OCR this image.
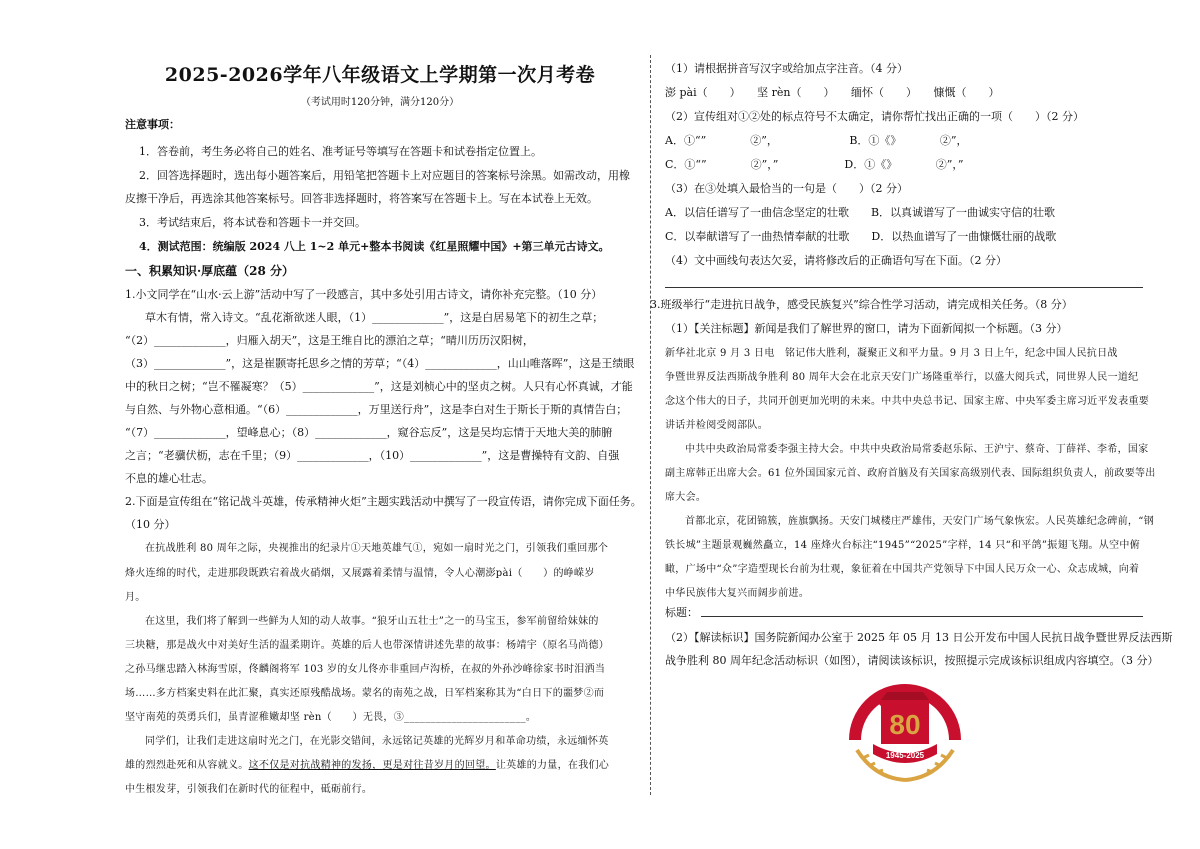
2025-2026学年八年级语文上学期第一次月考卷
（考试用时120分钟，满分120分）
注意事项：
1．答卷前，考生务必将自己的姓名、准考证号等填写在答题卡和试卷指定位置上。
2．回答选择题时，选出每小题答案后，用铅笔把答题卡上对应题目的答案标号涂黑。如需改动，用橡
皮擦干净后，再选涂其他答案标号。回答非选择题时，将答案写在答题卡上。写在本试卷上无效。
3．考试结束后，将本试卷和答题卡一并交回。
4．测试范围：统编版 2024 八上 1~2 单元+整本书阅读《红星照耀中国》+第三单元古诗文。
一、积累知识·厚底蕴（28 分）
1.小文同学在“山水·云上游”活动中写了一段感言，其中多处引用古诗文，请你补充完整。（10 分）
草木有情，常入诗文。“乱花渐欲迷人眼，（1）_____________”，这是白居易笔下的初生之草；
“（2）_____________，归雁入胡天”，这是王维自比的漂泊之草；“晴川历历汉阳树，
（3）_____________”，这是崔颢寄托思乡之情的芳草；“（4）_____________，山山唯落晖”，这是王绩眼
中的秋日之树；“岂不罹凝寒？（5）_____________”，这是刘桢心中的坚贞之树。人只有心怀真诚，才能
与自然、与外物心意相通。“（6）_____________，万里送行舟”，这是李白对生于斯长于斯的真情告白；
“（7）_____________，望峰息心；（8）_____________，窥谷忘反”，这是吴均忘情于天地大美的肺腑
之言；“老骥伏枥，志在千里；（9）_____________，（10）_____________”，这是曹操特有文韵、自强
不息的雄心壮志。
2.下面是宣传组在“铭记战斗英雄，传承精神火炬”主题实践活动中撰写了一段宣传语，请你完成下面任务。
（10 分）
在抗战胜利 80 周年之际，央视推出的纪录片①天地英雄气①，宛如一扇时光之门，引领我们重回那个
烽火连绵的时代，走进那段既跌宕着战火硝烟，又展露着柔情与温情，令人心潮澎pài（　　）的峥嵘岁
月。
在这里，我们将了解到一些鲜为人知的动人故事。“狼牙山五壮士”之一的马宝玉，参军前留给妹妹的
三块糖，那是战火中对美好生活的温柔期许。英雄的后人也带深情讲述先辈的故事：杨靖宇（原名马尚德）
之孙马继忠踏入林海雪原，佟麟阁将军 103 岁的女儿佟亦非重回卢沟桥，在叔的外孙沙峰徐家书时泪洒当
场……多方档案史料在此汇聚，真实还原残酷战场。蒙名的南苑之战，日军档案称其为“白日下的噩梦②而
坚守南苑的英勇兵们，虽青涩稚嫩却坚 rèn（　　）无畏，③_______________________。
同学们，让我们走进这扇时光之门，在光影交错间，永远铭记英雄的光辉岁月和革命功绩，永远缅怀英
雄的烈烈赴死和从容就义。这不仅是对抗战精神的发扬，更是对往昔岁月的回望。让英雄的力量，在我们心
中生根发芽，引领我们在新时代的征程中，砥砺前行。
（1）请根据拼音写汉字或给加点字注音。（4 分）
澎 pài（　　）　　坚 rèn（　　）　　缅怀（　　）　　慷慨（　　）
（2）宣传组对①②处的标点符号不太确定，请你帮忙找出正确的一项（　　）（2 分）
A．①“”　　　　②”，　　　　　　　B．①《》　　　　②”，
C．①“”　　　　②”，”　　　　　　D．①《》　　　　②”，”
（3）在③处填入最恰当的一句是（　　）（2 分）
A．以信任谱写了一曲信念坚定的壮歌　　B．以真诚谱写了一曲诚实守信的壮歌
C．以奉献谱写了一曲热情奉献的壮歌　　D．以热血谱写了一曲慷慨壮丽的战歌
（4）文中画线句表达欠妥，请将修改后的正确语句写在下面。（2 分）
3.班级举行“走进抗日战争，感受民族复兴”综合性学习活动，请完成相关任务。（8 分）
（1）【关注标题】新闻是我们了解世界的窗口，请为下面新闻拟一个标题。（3 分）
新华社北京 9 月 3 日电　铭记伟大胜利，凝聚正义和平力量。9 月 3 日上午，纪念中国人民抗日战
争暨世界反法西斯战争胜利 80 周年大会在北京天安门广场隆重举行，以盛大阅兵式，同世界人民一道纪
念这个伟大的日子，共同开创更加光明的未来。中共中央总书记、国家主席、中央军委主席习近平发表重要
讲话并检阅受阅部队。
中共中央政治局常委李强主持大会。中共中央政治局常委赵乐际、王沪宁、蔡奇、丁薛祥、李希，国家
副主席韩正出席大会。61 位外国国家元首、政府首脑及有关国家高级别代表、国际组织负责人，前政要等出
席大会。
首都北京，花团锦簇，旌旗飘扬。天安门城楼庄严雄伟，天安门广场气象恢宏。人民英雄纪念碑前，“钢
铁长城”主题景观巍然矗立，14 座烽火台标注“1945”“2025”字样，14 只“和平鸽”振翅飞翔。从空中俯
瞰，广场中“众”字造型现长台前为壮观，象征着在中国共产党领导下中国人民万众一心、众志成城，向着
中华民族伟大复兴而阔步前进。
标题：
（2）【解读标识】国务院新闻办公室于 2025 年 05 月 13 日公开发布中国人民抗日战争暨世界反法西斯
战争胜利 80 周年纪念活动标识（如图），请阅读该标识，按照提示完成该标识组成内容填空。（3 分）
80
1945-2025
